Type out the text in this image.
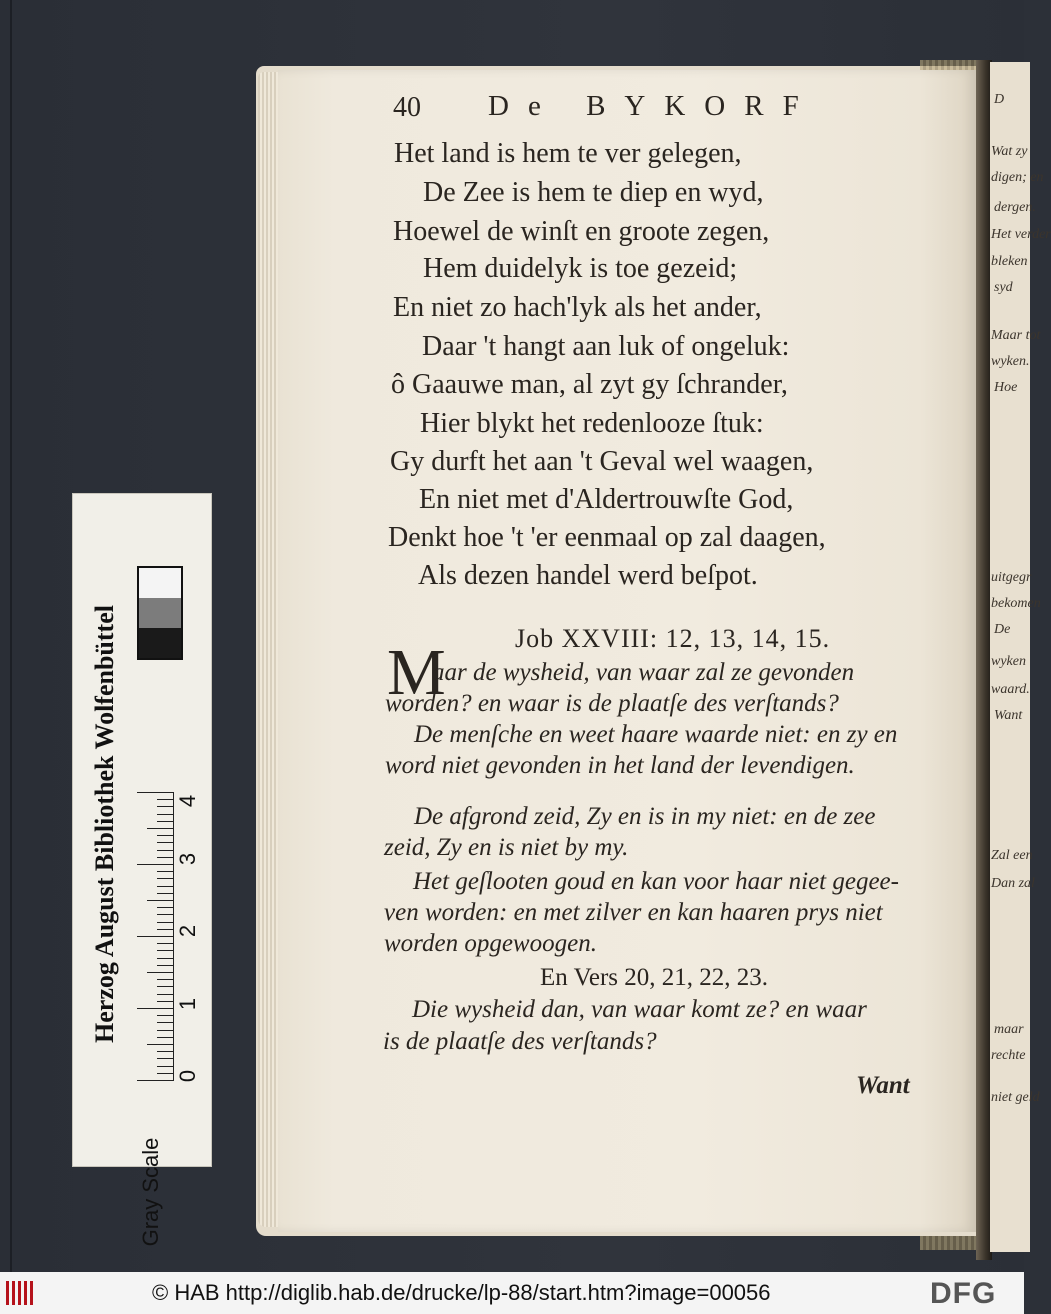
Herzog August Bibliothek Wolfenbüttel
Gray Scale
0
1
2
3
4
D
Wat zy
digen; en
dergen.
Het verder
bleken
syd
Maar tot
wyken.
Hoe
uitgegr
bekomen
De
wyken
waard.
Want
Zal een
Dan zal
maar
rechte
niet geld
40 De BYKORF
Het land is hem te ver gelegen,
De Zee is hem te diep en wyd,
Hoewel de winſt en groote zegen,
Hem duidelyk is toe gezeid;
En niet zo hach'lyk als het ander,
Daar 't hangt aan luk of ongeluk:
ô Gaauwe man, al zyt gy ſchrander,
Hier blykt het redenlooze ſtuk:
Gy durft het aan 't Geval wel waagen,
En niet met d'Aldertrouwſte God,
Denkt hoe 't 'er eenmaal op zal daagen,
Als dezen handel werd beſpot.
Job XXVIII: 12, 13, 14, 15.
M
aar de wysheid, van waar zal ze gevonden
worden? en waar is de plaatſe des verſtands?
De menſche en weet haare waarde niet: en zy en
word niet gevonden in het land der levendigen.
De afgrond zeid, Zy en is in my niet: en de zee
zeid, Zy en is niet by my.
Het geſlooten goud en kan voor haar niet gegee-
ven worden: en met zilver en kan haaren prys niet
worden opgewoogen.
En Vers 20, 21, 22, 23.
Die wysheid dan, van waar komt ze? en waar
is de plaatſe des verſtands?
Want
© HAB http://diglib.hab.de/drucke/lp-88/start.htm?image=00056	DFG
